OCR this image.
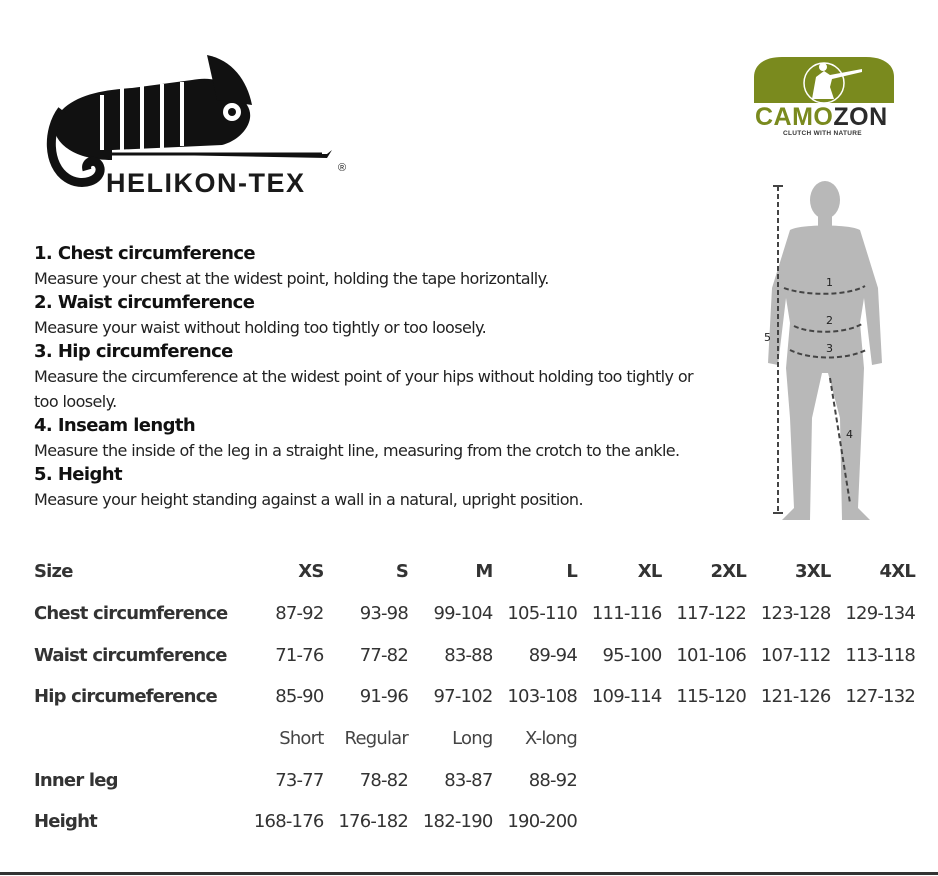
HELIKON-TEX	®
CAMOZON
CLUTCH WITH NATURE
1. Chest circumference
Measure your chest at the widest point, holding the tape horizontally.
2. Waist circumference
Measure your waist without holding too tightly or too loosely.
3. Hip circumference
Measure the circumference at the widest point of your hips without holding too tightly or too loosely.
4. Inseam length
Measure the inside of the leg in a straight line, measuring from the crotch to the ankle.
5. Height
Measure your height standing against a wall in a natural, upright position.
1
2
3
4
5
Size	XS	S	M	L	XL	2XL	3XL	4XL
Chest circumference	87-92	93-98	99-104	105-110	111-116	117-122	123-128	129-134
Waist circumference	71-76	77-82	83-88	89-94	95-100	101-106	107-112	113-118
Hip circumeference	85-90	91-96	97-102	103-108	109-114	115-120	121-126	127-132
	Short	Regular	Long	X-long				
Inner leg	73-77	78-82	83-87	88-92				
Height	168-176	176-182	182-190	190-200				
